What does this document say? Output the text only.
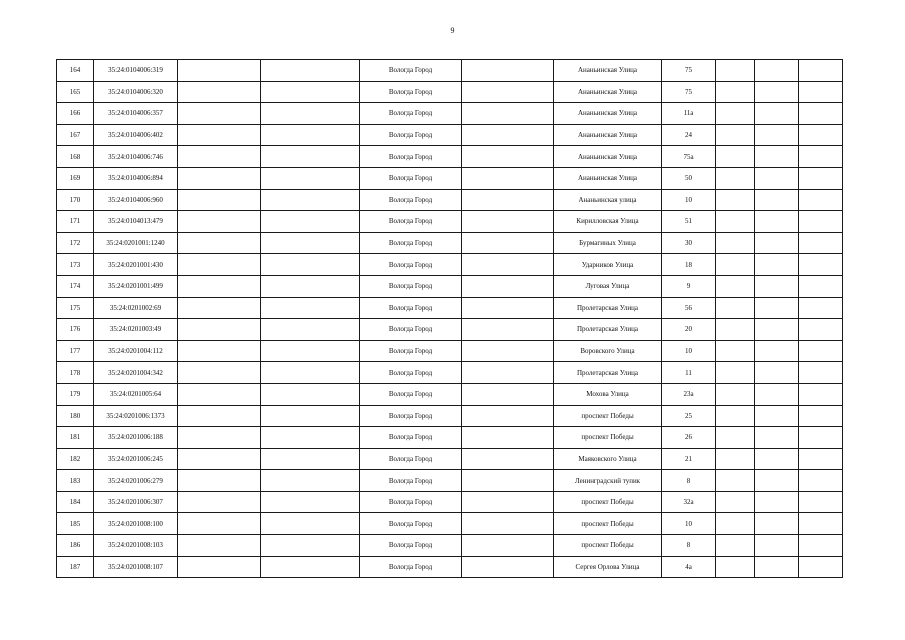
9
164	35:24:0104006:319			Вологда Город		Ананьинская Улица	75			
165	35:24:0104006:320			Вологда Город		Ананьинская Улица	75			
166	35:24:0104006:357			Вологда Город		Ананьинская Улица	11а			
167	35:24:0104006:402			Вологда Город		Ананьинская Улица	24			
168	35:24:0104006:746			Вологда Город		Ананьинская Улица	75а			
169	35:24:0104006:894			Вологда Город		Ананьинская Улица	50			
170	35:24:0104006:960			Вологда Город		Ананьинская улица	10			
171	35:24:0104013:479			Вологда Город		Кирилловская Улица	51			
172	35:24:0201001:1240			Вологда Город		Бурмагиных Улица	30			
173	35:24:0201001:430			Вологда Город		Ударников Улица	18			
174	35:24:0201001:499			Вологда Город		Луговая Улица	9			
175	35:24:0201002:69			Вологда Город		Пролетарская Улица	56			
176	35:24:0201003:49			Вологда Город		Пролетарская Улица	20			
177	35:24:0201004:112			Вологда Город		Воровского Улица	10			
178	35:24:0201004:342			Вологда Город		Пролетарская Улица	11			
179	35:24:0201005:64			Вологда Город		Мохова Улица	23а			
180	35:24:0201006:1373			Вологда Город		проспект Победы	25			
181	35:24:0201006:188			Вологда Город		проспект Победы	26			
182	35:24:0201006:245			Вологда Город		Маяковского Улица	21			
183	35:24:0201006:279			Вологда Город		Ленинградский тупик	8			
184	35:24:0201006:307			Вологда Город		проспект Победы	32а			
185	35:24:0201008:100			Вологда Город		проспект Победы	10			
186	35:24:0201008:103			Вологда Город		проспект Победы	8			
187	35:24:0201008:107			Вологда Город		Сергея Орлова Улица	4а			
